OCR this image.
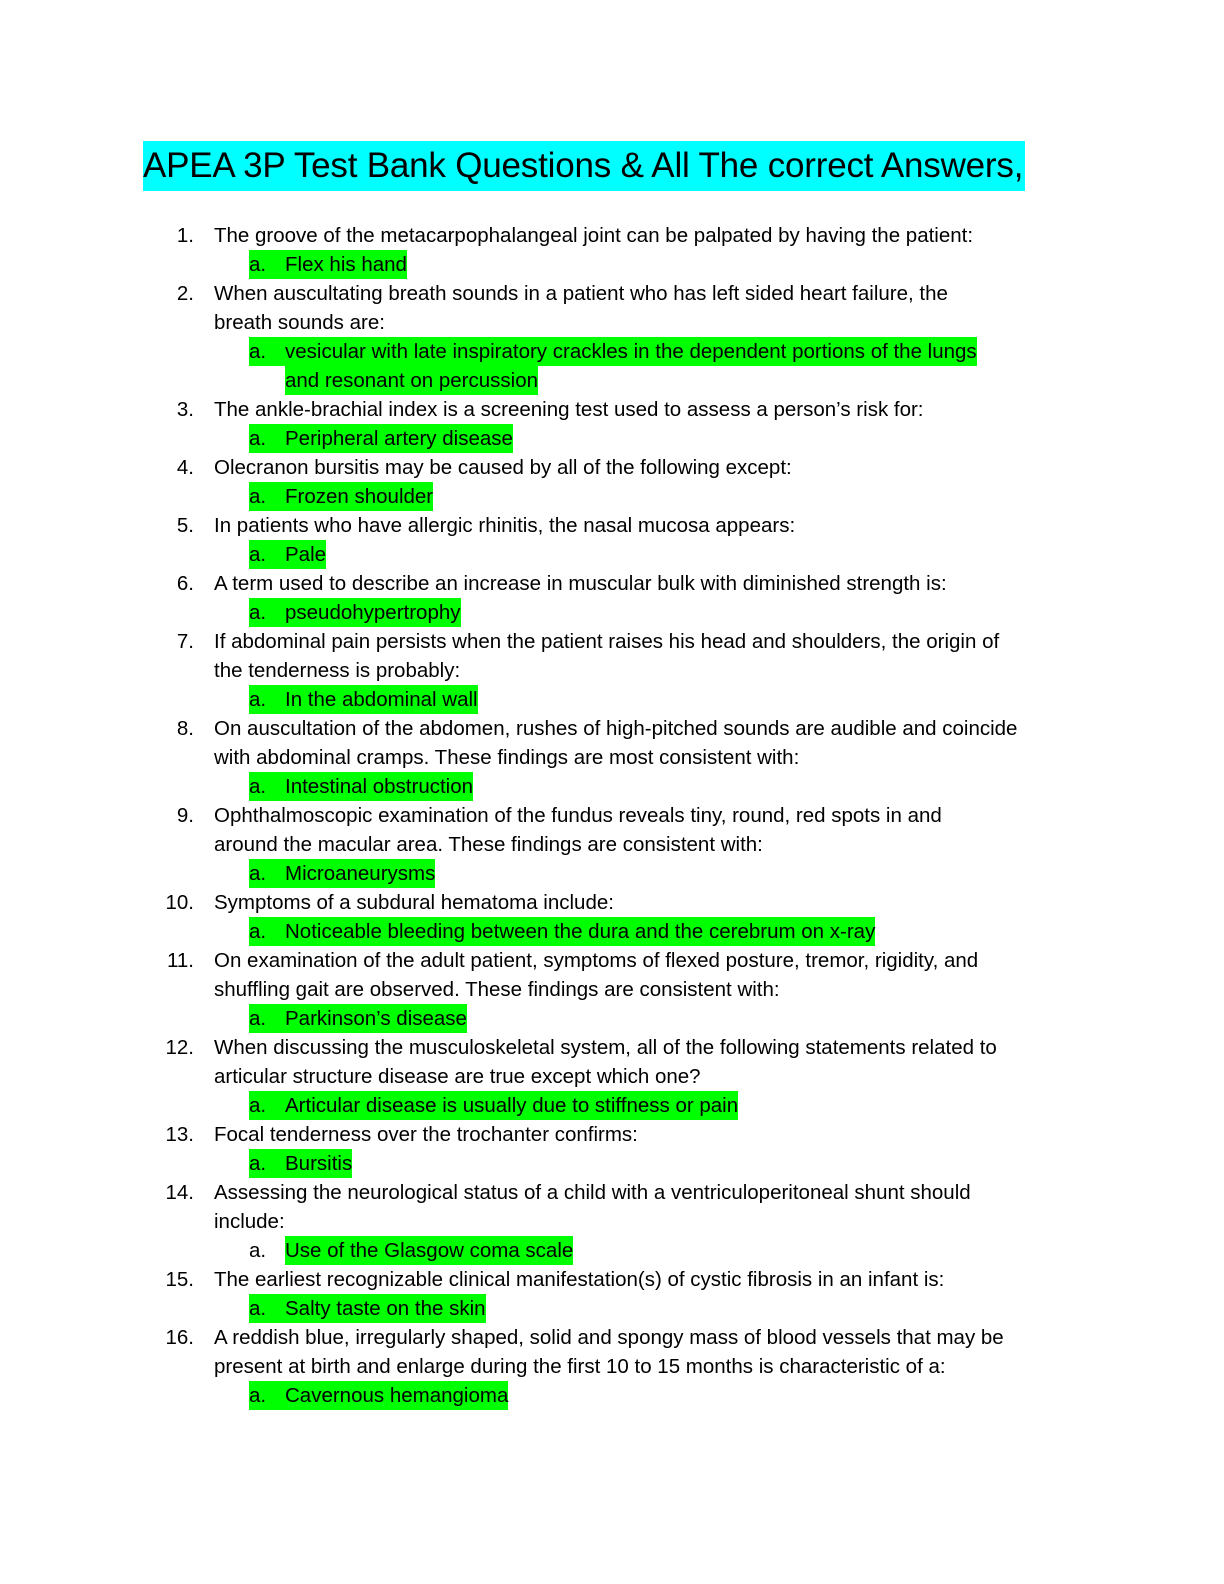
APEA 3P Test Bank Questions & All The correct Answers,
1. The groove of the metacarpophalangeal joint can be palpated by having the patient:
a. Flex his hand
2. When auscultating breath sounds in a patient who has left sided heart failure, the
breath sounds are:
a. vesicular with late inspiratory crackles in the dependent portions of the lungs
and resonant on percussion
3. The ankle-brachial index is a screening test used to assess a person’s risk for:
a. Peripheral artery disease
4. Olecranon bursitis may be caused by all of the following except:
a. Frozen shoulder
5. In patients who have allergic rhinitis, the nasal mucosa appears:
a. Pale
6. A term used to describe an increase in muscular bulk with diminished strength is:
a. pseudohypertrophy
7. If abdominal pain persists when the patient raises his head and shoulders, the origin of
the tenderness is probably:
a. In the abdominal wall
8. On auscultation of the abdomen, rushes of high-pitched sounds are audible and coincide
with abdominal cramps. These findings are most consistent with:
a. Intestinal obstruction
9. Ophthalmoscopic examination of the fundus reveals tiny, round, red spots in and
around the macular area. These findings are consistent with:
a. Microaneurysms
10. Symptoms of a subdural hematoma include:
a. Noticeable bleeding between the dura and the cerebrum on x-ray
11. On examination of the adult patient, symptoms of flexed posture, tremor, rigidity, and
shuffling gait are observed. These findings are consistent with:
a. Parkinson’s disease
12. When discussing the musculoskeletal system, all of the following statements related to
articular structure disease are true except which one?
a. Articular disease is usually due to stiffness or pain
13. Focal tenderness over the trochanter confirms:
a. Bursitis
14. Assessing the neurological status of a child with a ventriculoperitoneal shunt should
include:
a. Use of the Glasgow coma scale
15. The earliest recognizable clinical manifestation(s) of cystic fibrosis in an infant is:
a. Salty taste on the skin
16. A reddish blue, irregularly shaped, solid and spongy mass of blood vessels that may be
present at birth and enlarge during the first 10 to 15 months is characteristic of a:
a. Cavernous hemangioma
